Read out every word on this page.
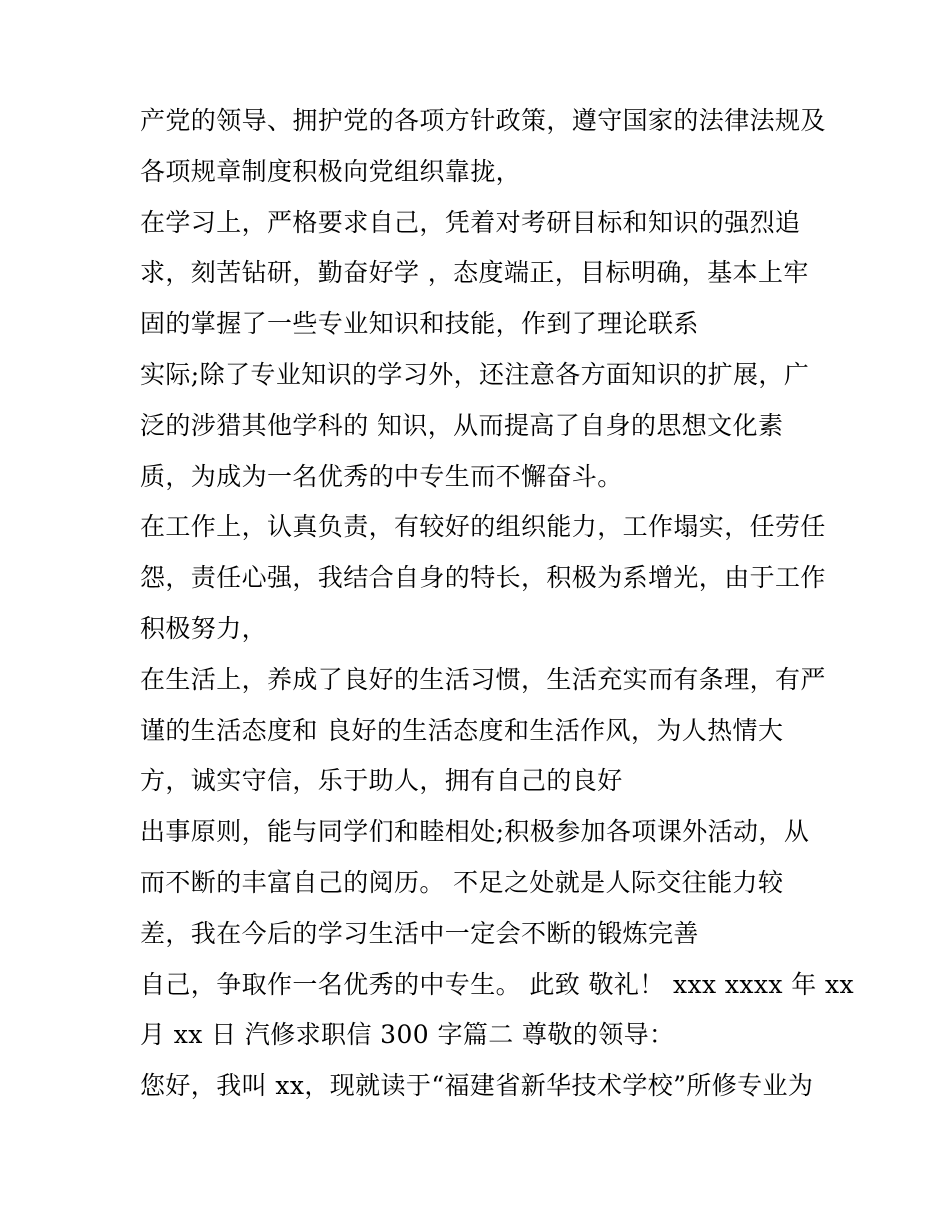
产党的领导、拥护党的各项方针政策，遵守国家的法律法规及

各项规章制度积极向党组织靠拢，

在学习上，严格要求自己，凭着对考研目标和知识的强烈追

求，刻苦钻研，勤奋好学 ，态度端正，目标明确，基本上牢

固的掌握了一些专业知识和技能，作到了理论联系

实际;除了专业知识的学习外，还注意各方面知识的扩展，广

泛的涉猎其他学科的 知识，从而提高了自身的思想文化素

质，为成为一名优秀的中专生而不懈奋斗。

在工作上，认真负责，有较好的组织能力，工作塌实，任劳任

怨，责任心强，我结合自身的特长，积极为系增光，由于工作

积极努力，

在生活上，养成了良好的生活习惯，生活充实而有条理，有严

谨的生活态度和 良好的生活态度和生活作风，为人热情大

方，诚实守信，乐于助人，拥有自己的良好

出事原则，能与同学们和睦相处;积极参加各项课外活动，从

而不断的丰富自己的阅历。 不足之处就是人际交往能力较

差，我在今后的学习生活中一定会不断的锻炼完善

自己，争取作一名优秀的中专生。 此致 敬礼！ xxx xxxx 年 xx

月 xx 日 汽修求职信 300 字篇二 尊敬的领导：

您好，我叫 xx，现就读于“福建省新华技术学校”所修专业为
